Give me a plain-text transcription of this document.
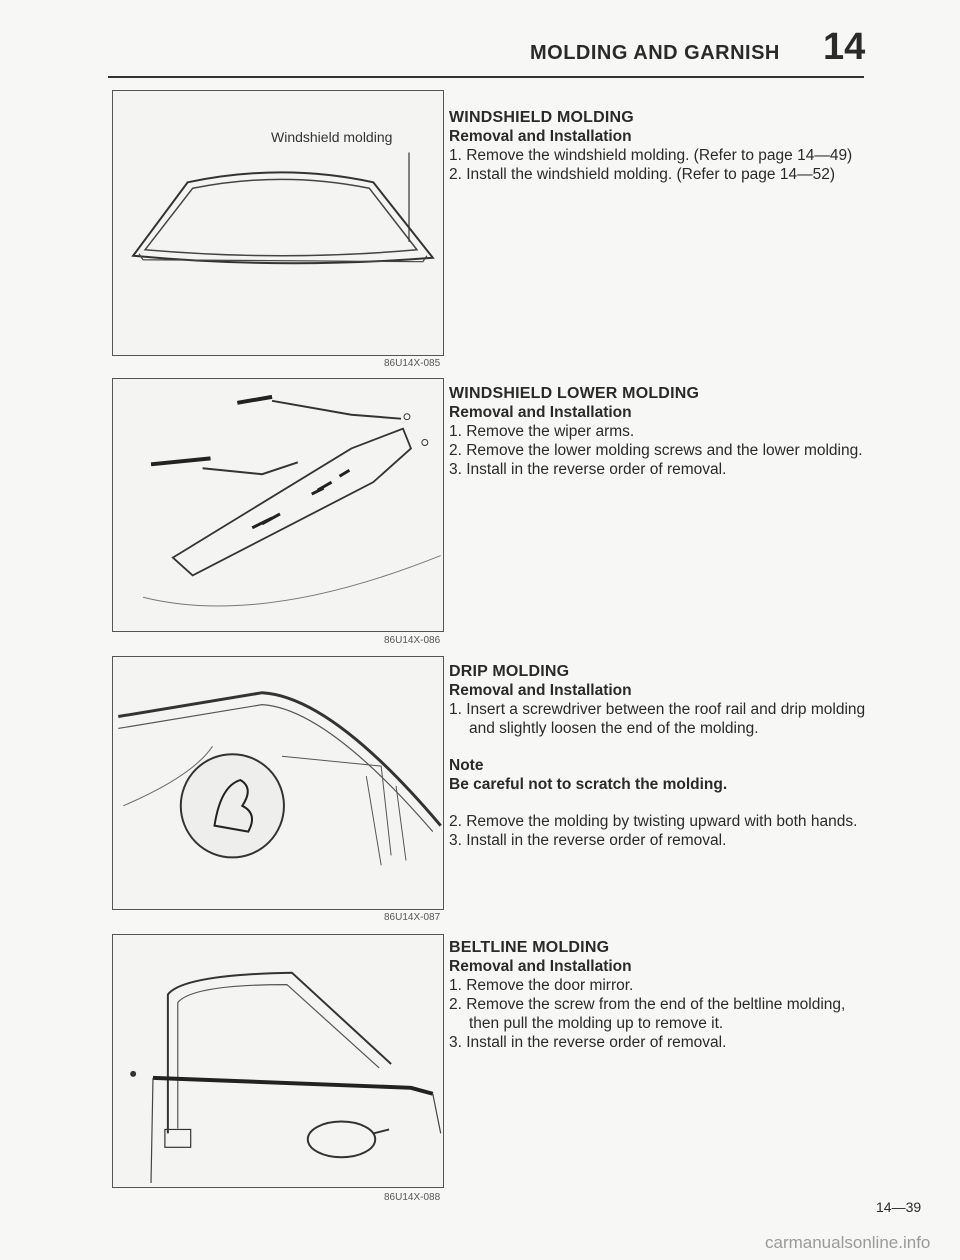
MOLDING AND GARNISH	14
Windshield molding
86U14X-085
86U14X-086
86U14X-087
86U14X-088
WINDSHIELD MOLDING
Removal and Installation
1. Remove the windshield molding. (Refer to page 14—49)
2. Install the windshield molding. (Refer to page 14—52)
WINDSHIELD LOWER MOLDING
Removal and Installation
1. Remove the wiper arms.
2. Remove the lower molding screws and the lower molding.
3. Install in the reverse order of removal.
DRIP MOLDING
Removal and Installation
1. Insert a screwdriver between the roof rail and drip molding and slightly loosen the end of the molding.
Note
Be careful not to scratch the molding.
2. Remove the molding by twisting upward with both hands.
3. Install in the reverse order of removal.
BELTLINE MOLDING
Removal and Installation
1. Remove the door mirror.
2. Remove the screw from the end of the beltline molding, then pull the molding up to remove it.
3. Install in the reverse order of removal.
14—39
carmanualsonline.info
